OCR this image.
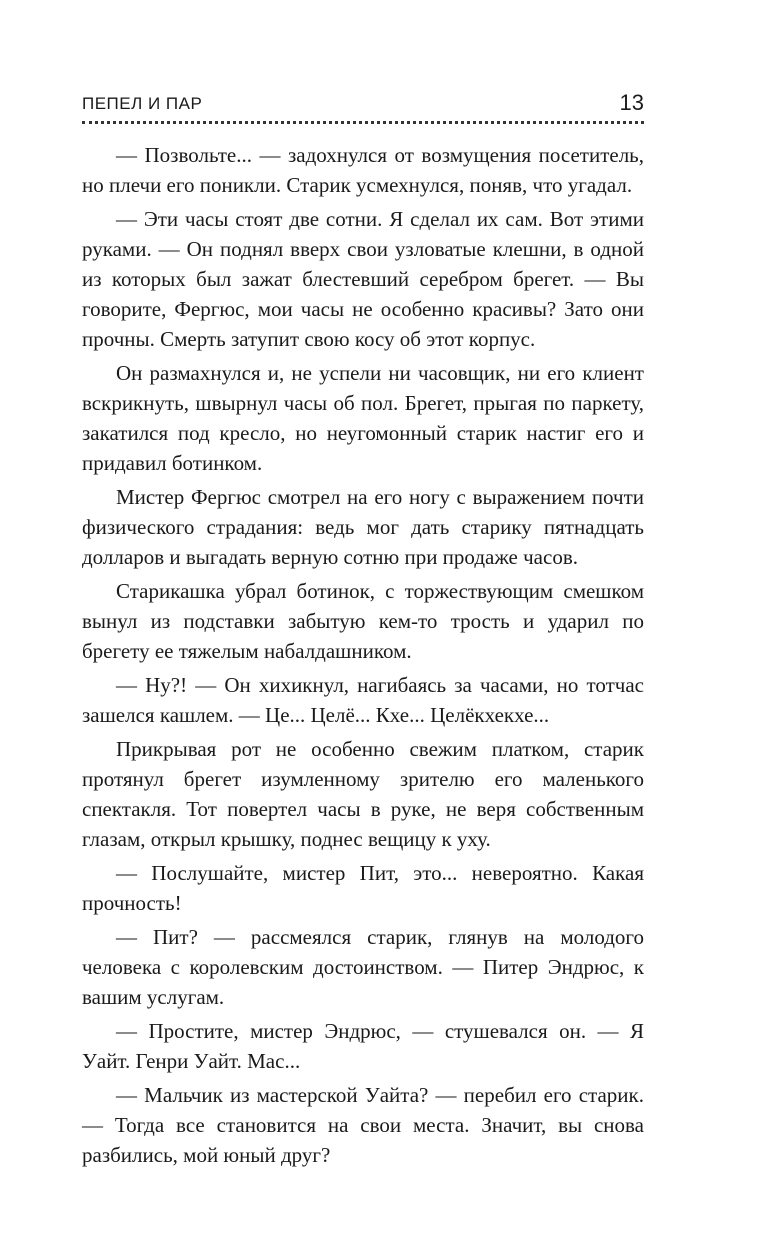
ПЕПЕЛ И ПАР	13

— Позвольте... — задохнулся от возмущения посетитель, но плечи его поникли. Старик усмехнулся, поняв, что угадал.

— Эти часы стоят две сотни. Я сделал их сам. Вот этими руками. — Он поднял вверх свои узловатые клешни, в одной из которых был зажат блестевший серебром брегет. — Вы говорите, Фергюс, мои часы не особенно красивы? Зато они прочны. Смерть затупит свою косу об этот корпус.

Он размахнулся и, не успели ни часовщик, ни его клиент вскрикнуть, швырнул часы об пол. Брегет, прыгая по паркету, закатился под кресло, но неугомонный старик настиг его и придавил ботинком.

Мистер Фергюс смотрел на его ногу с выражением почти физического страдания: ведь мог дать старику пятнадцать долларов и выгадать верную сотню при продаже часов.

Старикашка убрал ботинок, с торжествующим смешком вынул из подставки забытую кем-то трость и ударил по брегету ее тяжелым набалдашником.

— Ну?! — Он хихикнул, нагибаясь за часами, но тотчас зашелся кашлем. — Це... Целё... Кхе... Целёкхекхе...

Прикрывая рот не особенно свежим платком, старик протянул брегет изумленному зрителю его маленького спектакля. Тот повертел часы в руке, не веря собственным глазам, открыл крышку, поднес вещицу к уху.

— Послушайте, мистер Пит, это... невероятно. Какая прочность!

— Пит? — рассмеялся старик, глянув на молодого человека с королевским достоинством. — Питер Эндрюс, к вашим услугам.

— Простите, мистер Эндрюс, — стушевался он. — Я Уайт. Генри Уайт. Мас...

— Мальчик из мастерской Уайта? — перебил его старик. — Тогда все становится на свои места. Значит, вы снова разбились, мой юный друг?
